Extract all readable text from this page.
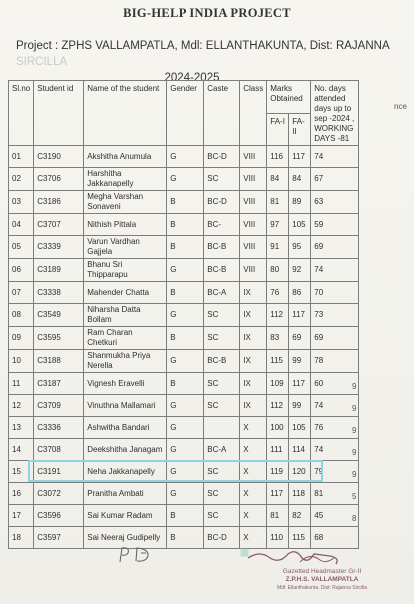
BIG-HELP INDIA PROJECT
Project : ZPHS VALLAMPATLA, Mdl: ELLANTHAKUNTA, Dist: RAJANNA SIRCILLA
2024-2025
Sl.no	Student id	Name of the student	Gender	Caste	Class	Marks Obtained		No. days attended days up to sep -2024 , WORKING DAYS -81
						FA-I	FA-II	
01	C3190	Akshitha Anumula	G	BC-D	VIII	116	117	74
02	C3706	Harshitha Jakkanapelly	G	SC	VIII	84	84	67
03	C3186	Megha Varshan Sonaveni	B	BC-D	VIII	81	89	63
04	C3707	Nithish Pittala	B	BC-	VIII	97	105	59
05	C3339	Varun Vardhan Gajjela	B	BC-B	VIII	91	95	69
06	C3189	Bhanu Sri Thipparapu	G	BC-B	VIII	80	92	74
07	C3338	Mahender Chatta	B	BC-A	IX	76	86	70
08	C3549	Niharsha Datta Bollam	G	SC	IX	112	117	73
09	C3595	Ram Charan Chetkuri	B	SC	IX	83	69	69
10	C3188	Shanmukha Priya Nerella	G	BC-B	IX	115	99	78
11	C3187	Vignesh Eravelli	B	SC	IX	109	117	60
12	C3709	Vinuthna Mallamari	G	SC	IX	112	99	74
13	C3336	Ashwitha Bandari	G		X	100	105	76
14	C3708	Deekshitha Janagam	G	BC-A	X	111	114	74
15	C3191	Neha Jakkanapelly	G	SC	X	119	120	79
16	C3072	Pranitha Ambati	G	SC	X	117	118	81
17	C3596	Sai Kumar Radam	B	SC	X	81	82	45
18	C3597	Sai Neeraj Gudipelly	B	BC-D	X	110	115	68
nce
9
9
9
9
9
5
8
Gazetted Headmaster Gr-II
Z.P.H.S. VALLAMPATLA
Mdl: Ellanthakunta, Dist: Rajanna Sircilla
